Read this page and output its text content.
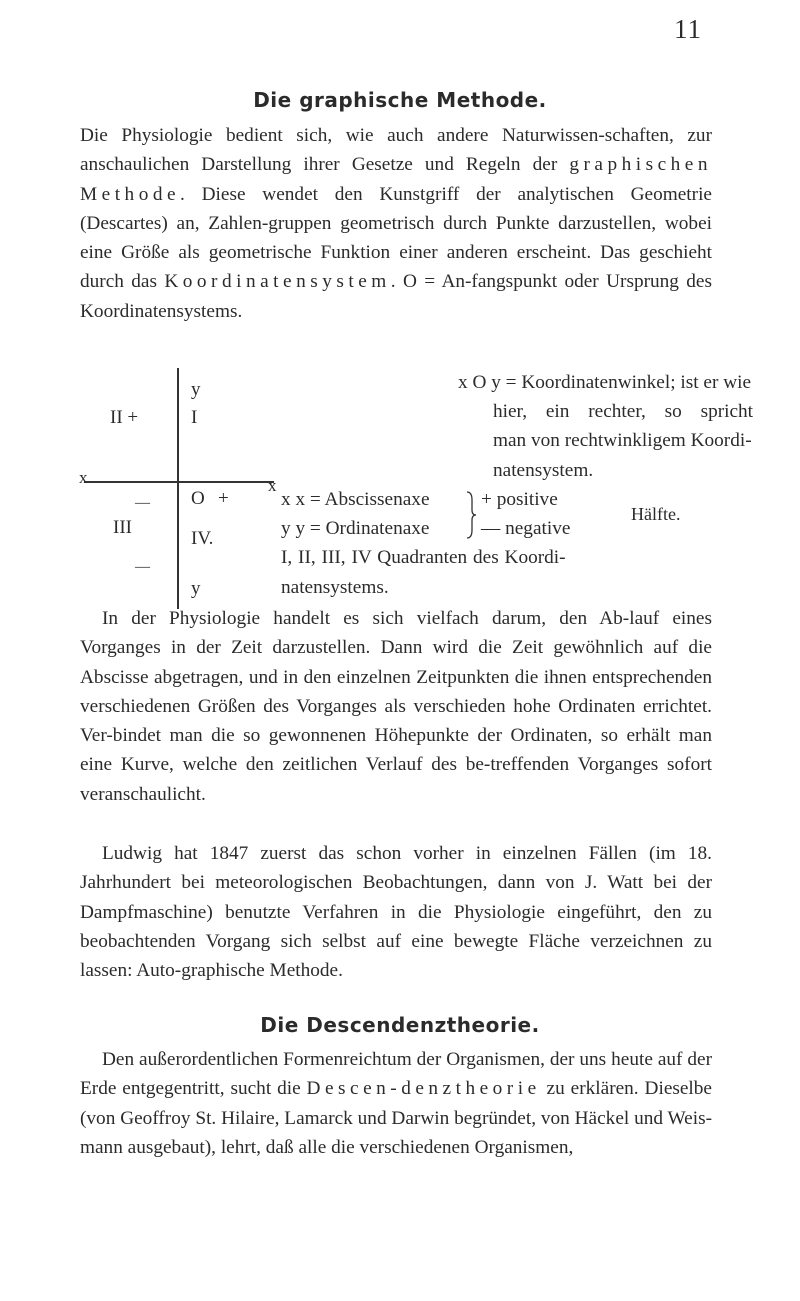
11
Die graphische Methode.

Die Physiologie bedient sich, wie auch andere Naturwissen-schaften, zur anschaulichen Darstellung ihrer Gesetze und Regeln der graphischen Methode. Diese wendet den Kunstgriff der analytischen Geometrie (Descartes) an, Zahlen-gruppen geometrisch durch Punkte darzustellen, wobei eine Größe als geometrische Funktion einer anderen erscheint. Das geschieht durch das Koordinatensystem. O = An-fangspunkt oder Ursprung des Koordinatensystems.

y
II +	I
x
— O +
x
III
IV.
—
y
x O y = Koordinatenwinkel; ist er wie
hier, ein rechter, so spricht
man von rechtwinkligem Koordi-
natensystem.
x x = Abscissenaxe
y y = Ordinatenaxe
+ positive
— negative
Hälfte.
I, II, III, IV Quadranten des Koordi-
natensystems.

In der Physiologie handelt es sich vielfach darum, den Ab-lauf eines Vorganges in der Zeit darzustellen. Dann wird die Zeit gewöhnlich auf die Abscisse abgetragen, und in den einzelnen Zeitpunkten die ihnen entsprechenden verschiedenen Größen des Vorganges als verschieden hohe Ordinaten errichtet. Ver-bindet man die so gewonnenen Höhepunkte der Ordinaten, so erhält man eine Kurve, welche den zeitlichen Verlauf des be-treffenden Vorganges sofort veranschaulicht.

Ludwig hat 1847 zuerst das schon vorher in einzelnen Fällen (im 18. Jahrhundert bei meteorologischen Beobachtungen, dann von J. Watt bei der Dampfmaschine) benutzte Verfahren in die Physiologie eingeführt, den zu beobachtenden Vorgang sich selbst auf eine bewegte Fläche verzeichnen zu lassen: Auto-graphische Methode.

Die Descendenztheorie.

Den außerordentlichen Formenreichtum der Organismen, der uns heute auf der Erde entgegentritt, sucht die Descen-denztheorie zu erklären. Dieselbe (von Geoffroy St. Hilaire, Lamarck und Darwin begründet, von Häckel und Weis-mann ausgebaut), lehrt, daß alle die verschiedenen Organismen,
